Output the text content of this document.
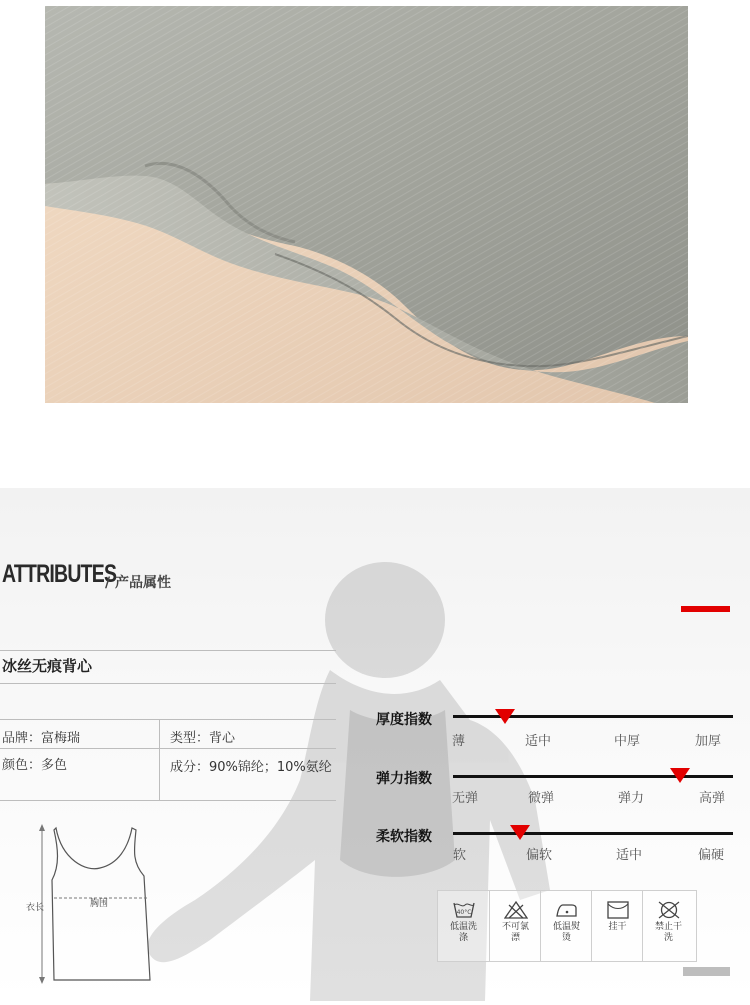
ATTRIBUTES
/ 产品属性
冰丝无痕背心
品牌：富梅瑞	类型：背心
颜色：多色	成分：90%锦纶；10%氨纶
厚度指数
薄	适中	中厚	加厚
弹力指数
无弹	微弹	弹力	高弹
柔软指数
软	偏软	适中	偏硬
40°C
低温洗涤
不可氯漂
低温熨烫
挂干	禁止干洗
衣长	胸围
